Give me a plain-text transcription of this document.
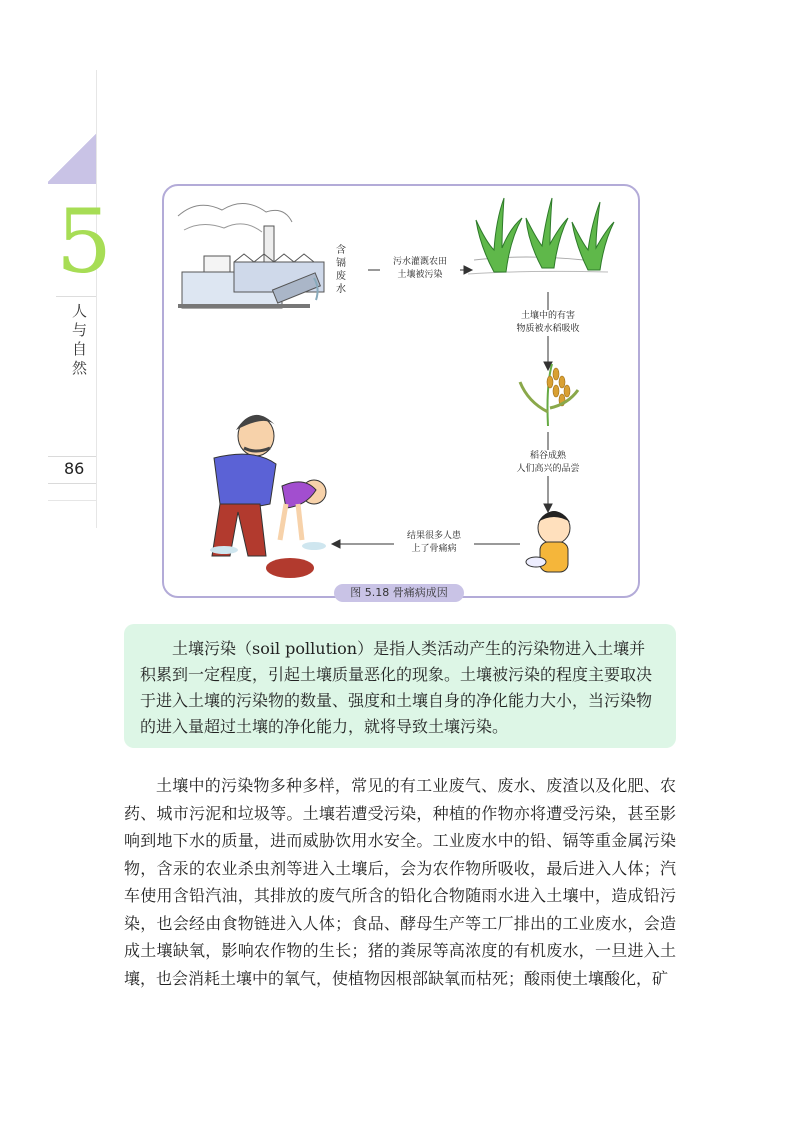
5
人与自然
86
含
镉
废
水
污水灌溉农田
土壤被污染
土壤中的有害
物质被水稻吸收
稻谷成熟
人们高兴的品尝
结果很多人患
上了骨痛病
图 5.18 骨痛病成因

土壤污染（soil pollution）是指人类活动产生的污染物进入土壤并积累到一定程度，引起土壤质量恶化的现象。土壤被污染的程度主要取决于进入土壤的污染物的数量、强度和土壤自身的净化能力大小，当污染物的进入量超过土壤的净化能力，就将导致土壤污染。

土壤中的污染物多种多样，常见的有工业废气、废水、废渣以及化肥、农药、城市污泥和垃圾等。土壤若遭受污染，种植的作物亦将遭受污染，甚至影响到地下水的质量，进而威胁饮用水安全。工业废水中的铅、镉等重金属污染物，含汞的农业杀虫剂等进入土壤后，会为农作物所吸收，最后进入人体；汽车使用含铅汽油，其排放的废气所含的铅化合物随雨水进入土壤中，造成铅污染，也会经由食物链进入人体；食品、酵母生产等工厂排出的工业废水，会造成土壤缺氧，影响农作物的生长；猪的粪尿等高浓度的有机废水，一旦进入土壤，也会消耗土壤中的氧气，使植物因根部缺氧而枯死；酸雨使土壤酸化，矿
